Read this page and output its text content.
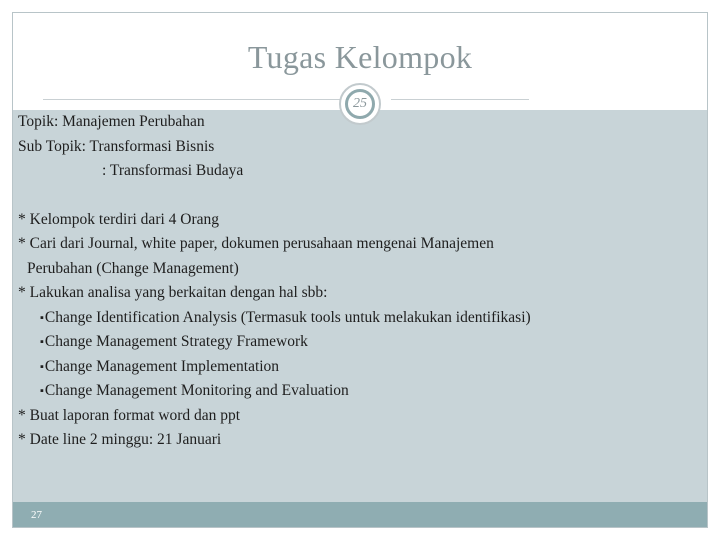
Tugas Kelompok
25
27
Topik: Manajemen Perubahan
Sub Topik: Transformasi Bisnis
: Transformasi Budaya
* Kelompok terdiri dari 4 Orang
* Cari dari Journal, white paper, dokumen perusahaan mengenai Manajemen
Perubahan (Change Management)
* Lakukan analisa yang berkaitan dengan hal sbb:
▪Change Identification Analysis (Termasuk tools untuk melakukan identifikasi)
▪Change Management Strategy Framework
▪Change Management Implementation
▪Change Management Monitoring and Evaluation
* Buat laporan format word dan ppt
* Date line 2 minggu: 21 Januari
